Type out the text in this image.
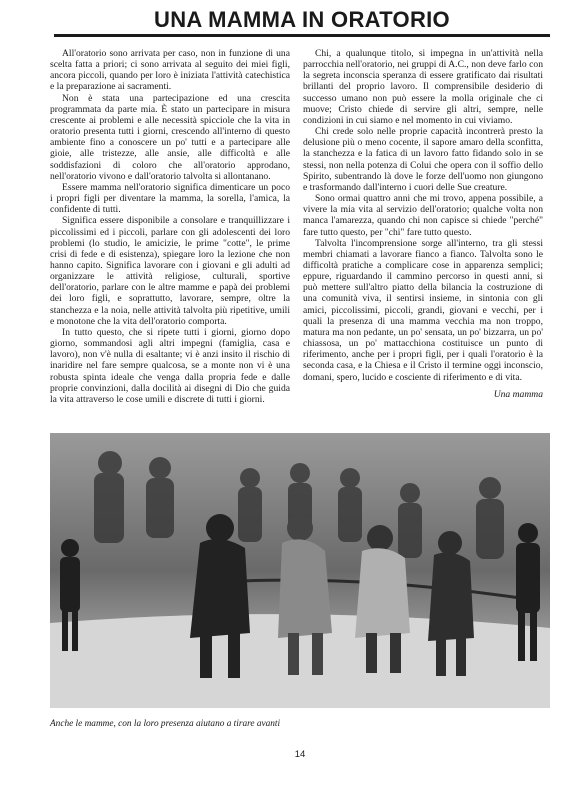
UNA MAMMA IN ORATORIO

All'oratorio sono arrivata per caso, non in funzione di una scelta fatta a priori; ci sono arrivata al seguito dei miei figli, ancora piccoli, quando per loro è iniziata l'attività catechistica e la preparazione ai sacramenti.

Non è stata una partecipazione ed una crescita programmata da parte mia. È stato un partecipare in misura crescente ai problemi e alle necessità spicciole che la vita in oratorio presenta tutti i giorni, crescendo all'interno di questo ambiente fino a conoscere un po' tutti e a partecipare alle gioie, alle tristezze, alle ansie, alle difficoltà e alle soddisfazioni di coloro che all'oratorio approdano, nell'oratorio vivono e dall'oratorio talvolta si allontanano.

Essere mamma nell'oratorio significa dimenticare un poco i propri figli per diventare la mamma, la sorella, l'amica, la confidente di tutti.

Significa essere disponibile a consolare e tranquillizzare i piccolissimi ed i piccoli, parlare con gli adolescenti dei loro problemi (lo studio, le amicizie, le prime "cotte", le prime crisi di fede e di esistenza), spiegare loro la lezione che non hanno capito. Significa lavorare con i giovani e gli adulti ad organizzare le attività religiose, culturali, sportive dell'oratorio, parlare con le altre mamme e papà dei problemi dei loro figli, e soprattutto, lavorare, sempre, oltre la stanchezza e la noia, nelle attività talvolta più ripetitive, umili e monotone che la vita dell'oratorio comporta.

In tutto questo, che si ripete tutti i giorni, giorno dopo giorno, sommandosi agli altri impegni (famiglia, casa e lavoro), non v'è nulla di esaltante; vi è anzi insito il rischio di inaridire nel fare sempre qualcosa, se a monte non vi è una robusta spinta ideale che venga dalla propria fede e dalle proprie convinzioni, dalla docilità ai disegni di Dio che guida la vita attraverso le cose umili e discrete di tutti i giorni.

Chi, a qualunque titolo, si impegna in un'attività nella parrocchia nell'oratorio, nei gruppi di A.C., non deve farlo con la segreta inconscia speranza di essere gratificato dai risultati brillanti del proprio lavoro. Il comprensibile desiderio di successo umano non può essere la molla originale che ci muove; Cristo chiede di servire gli altri, sempre, nelle condizioni in cui siamo e nel momento in cui viviamo.

Chi crede solo nelle proprie capacità incontrerà presto la delusione più o meno cocente, il sapore amaro della sconfitta, la stanchezza e la fatica di un lavoro fatto fidando solo in se stessi, non nella potenza di Colui che opera con il soffio dello Spirito, subentrando là dove le forze dell'uomo non giungono e trasformando dall'interno i cuori delle Sue creature.

Sono ormai quattro anni che mi trovo, appena possibile, a vivere la mia vita al servizio dell'oratorio; qualche volta non manca l'amarezza, quando chi non capisce si chiede "perché" fare tutto questo, per "chi" fare tutto questo.

Talvolta l'incomprensione sorge all'interno, tra gli stessi membri chiamati a lavorare fianco a fianco. Talvolta sono le difficoltà pratiche a complicare cose in apparenza semplici; eppure, riguardando il cammino percorso in questi anni, si può mettere sull'altro piatto della bilancia la costruzione di una comunità viva, il sentirsi insieme, in sintonia con gli amici, piccolissimi, piccoli, grandi, giovani e vecchi, per i quali la presenza di una mamma vecchia ma non troppo, matura ma non pedante, un po' sensata, un po' bizzarra, un po' chiassosa, un po' mattacchiona costituisce un punto di riferimento, anche per i propri figli, per i quali l'oratorio è la seconda casa, e la Chiesa e il Cristo il termine oggi inconscio, domani, spero, lucido e cosciente di riferimento e di vita.

Una mamma
Anche le mamme, con la loro presenza aiutano a tirare avanti
14
